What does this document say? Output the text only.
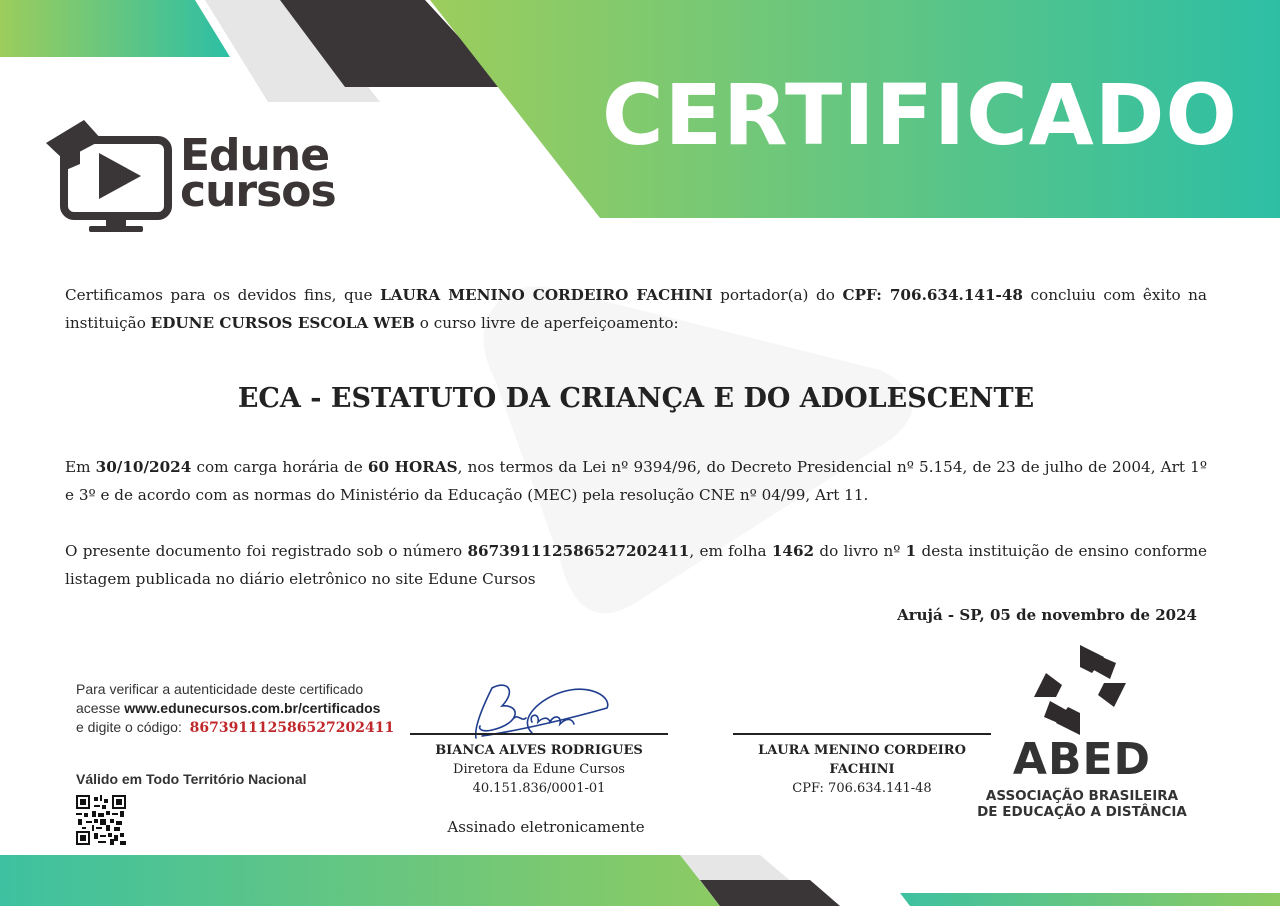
CERTIFICADO
Edune
cursos
Certificamos para os devidos fins, que LAURA MENINO CORDEIRO FACHINI portador(a) do CPF: 706.634.141-48 concluiu com êxito na instituição EDUNE CURSOS ESCOLA WEB o curso livre de aperfeiçoamento:
ECA - ESTATUTO DA CRIANÇA E DO ADOLESCENTE
Em 30/10/2024 com carga horária de 60 HORAS, nos termos da Lei nº 9394/96, do Decreto Presidencial nº 5.154, de 23 de julho de 2004, Art 1º e 3º e de acordo com as normas do Ministério da Educação (MEC) pela resolução CNE nº 04/99, Art 11.
O presente documento foi registrado sob o número 867391112586527202411, em folha 1462 do livro nº 1 desta instituição de ensino conforme listagem publicada no diário eletrônico no site Edune Cursos
Arujá - SP, 05 de novembro de 2024
Para verificar a autenticidade deste certificado
acesse www.edunecursos.com.br/certificados
e digite o código: 867391112586527202411
Válido em Todo Território Nacional
BIANCA ALVES RODRIGUES
Diretora da Edune Cursos
40.151.836/0001-01
Assinado eletronicamente
LAURA MENINO CORDEIRO
FACHINI
CPF: 706.634.141-48
ABED
ASSOCIAÇÃO BRASILEIRA
DE EDUCAÇÃO A DISTÂNCIA
